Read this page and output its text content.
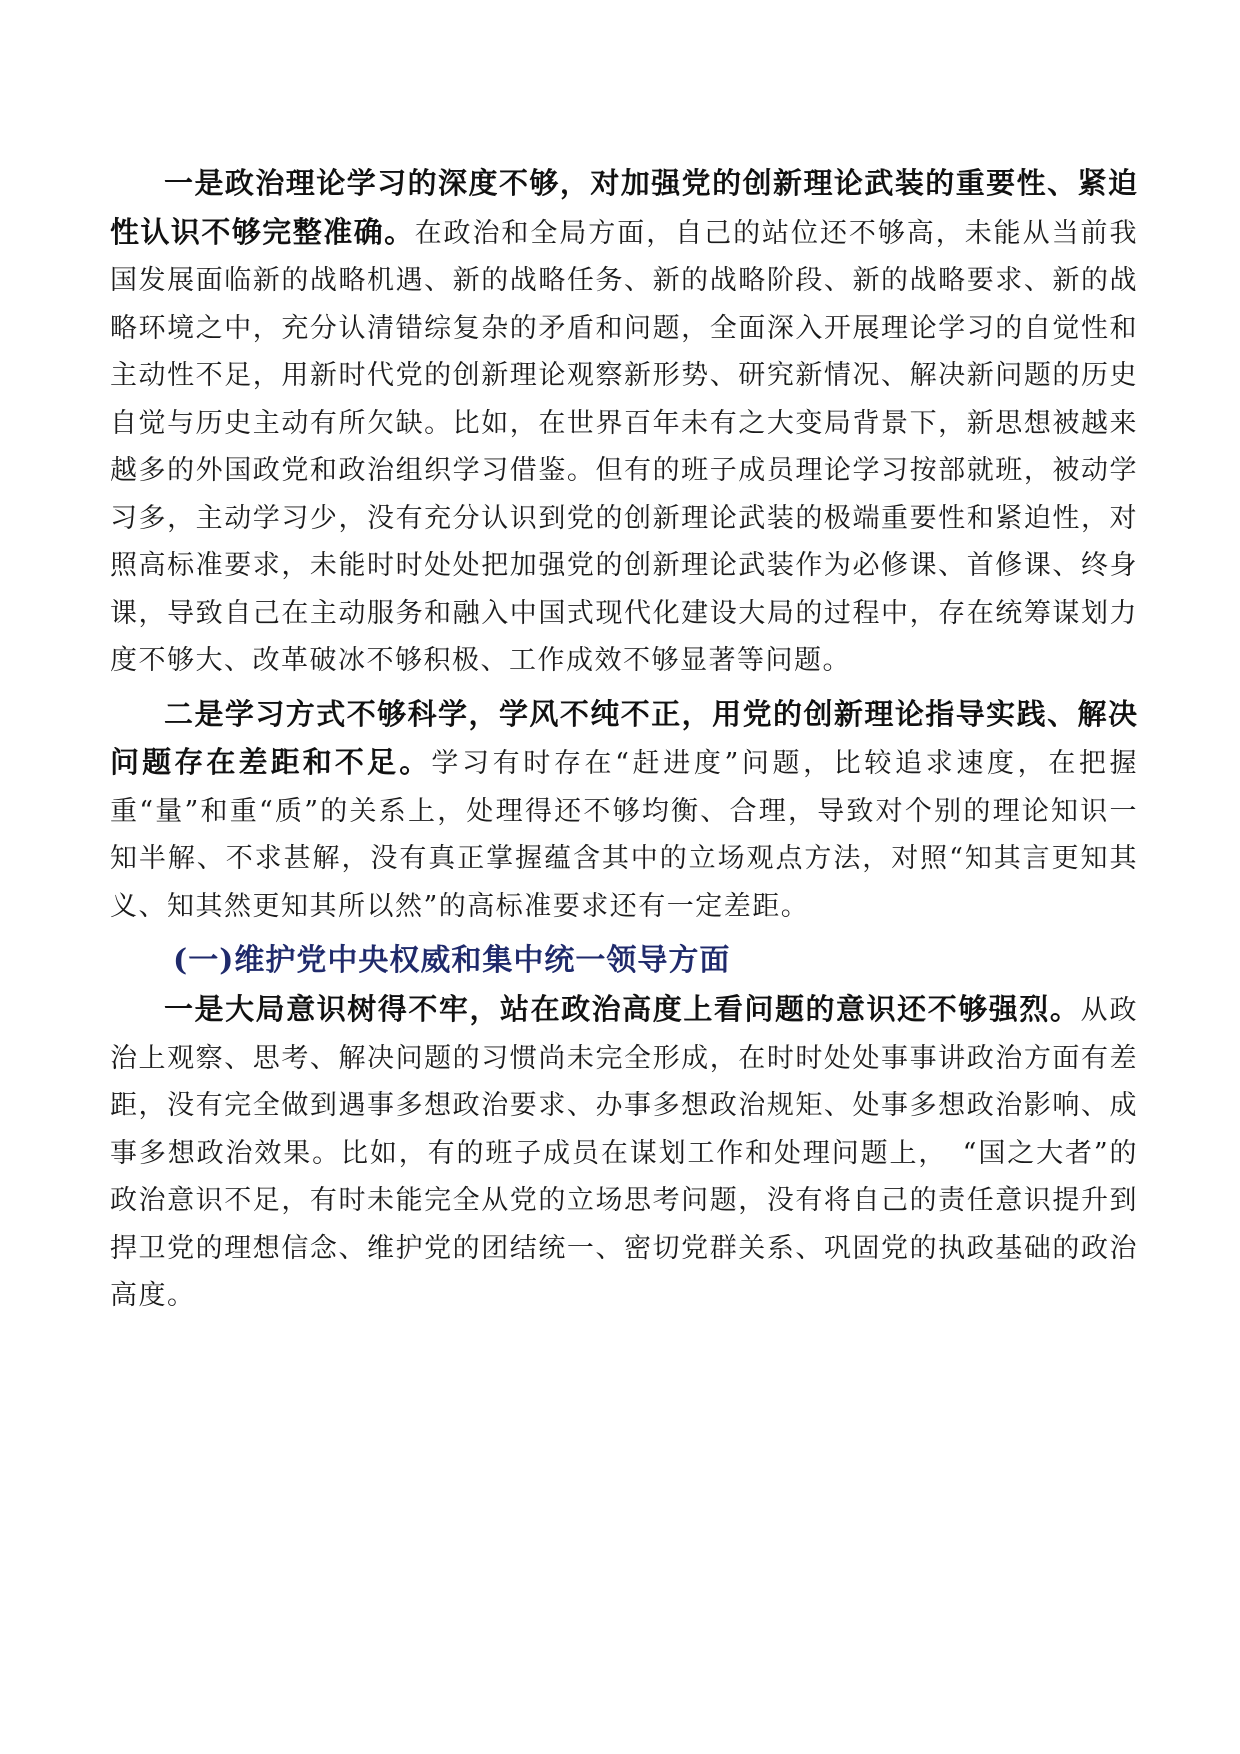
一是政治理论学习的深度不够，对加强党的创新理论武装的重要性、紧迫性认识不够完整准确。在政治和全局方面，自己的站位还不够高，未能从当前我国发展面临新的战略机遇、新的战略任务、新的战略阶段、新的战略要求、新的战略环境之中，充分认清错综复杂的矛盾和问题，全面深入开展理论学习的自觉性和主动性不足，用新时代党的创新理论观察新形势、研究新情况、解决新问题的历史自觉与历史主动有所欠缺。比如，在世界百年未有之大变局背景下，新思想被越来越多的外国政党和政治组织学习借鉴。但有的班子成员理论学习按部就班，被动学习多，主动学习少，没有充分认识到党的创新理论武装的极端重要性和紧迫性，对照高标准要求，未能时时处处把加强党的创新理论武装作为必修课、首修课、终身课，导致自己在主动服务和融入中国式现代化建设大局的过程中，存在统筹谋划力度不够大、改革破冰不够积极、工作成效不够显著等问题。

二是学习方式不够科学，学风不纯不正，用党的创新理论指导实践、解决问题存在差距和不足。学习有时存在“赶进度”问题，比较追求速度，在把握重“量”和重“质”的关系上，处理得还不够均衡、合理，导致对个别的理论知识一知半解、不求甚解，没有真正掌握蕴含其中的立场观点方法，对照“知其言更知其义、知其然更知其所以然”的高标准要求还有一定差距。

(一)维护党中央权威和集中统一领导方面

一是大局意识树得不牢，站在政治高度上看问题的意识还不够强烈。从政治上观察、思考、解决问题的习惯尚未完全形成，在时时处处事事讲政治方面有差距，没有完全做到遇事多想政治要求、办事多想政治规矩、处事多想政治影响、成事多想政治效果。比如，有的班子成员在谋划工作和处理问题上，　“国之大者”的政治意识不足，有时未能完全从党的立场思考问题，没有将自己的责任意识提升到捍卫党的理想信念、维护党的团结统一、密切党群关系、巩固党的执政基础的政治高度。
